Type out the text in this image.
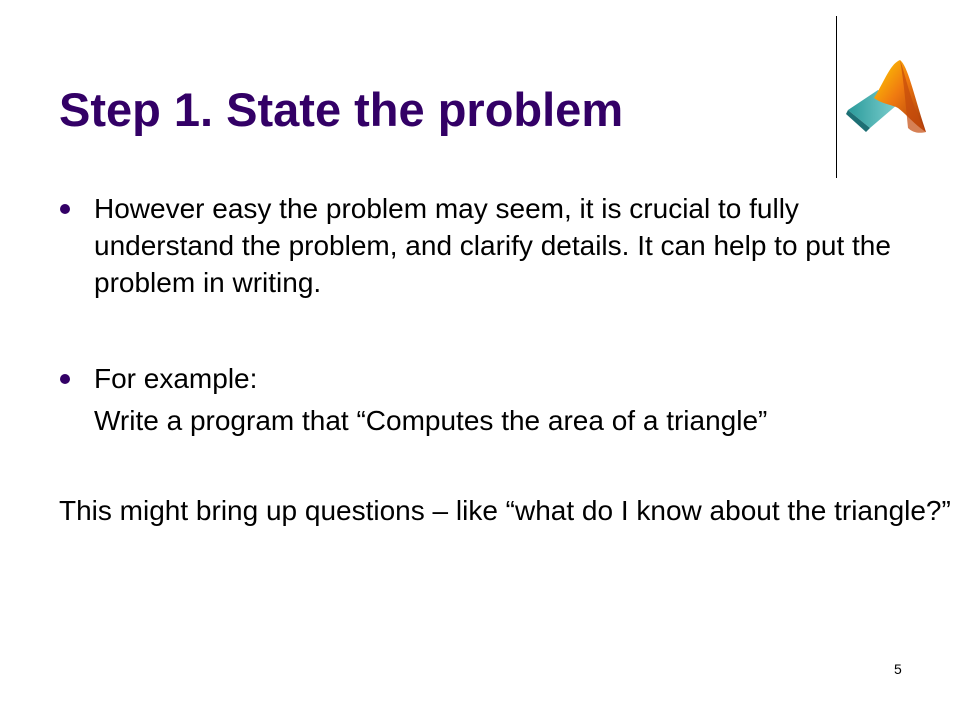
Step 1. State the problem
However easy the problem may seem, it is crucial to fully understand the problem, and clarify details. It can help to put the problem in writing.
For example:
Write a program that “Computes the area of a triangle”
This might bring up questions – like “what do I know about the triangle?”
5
